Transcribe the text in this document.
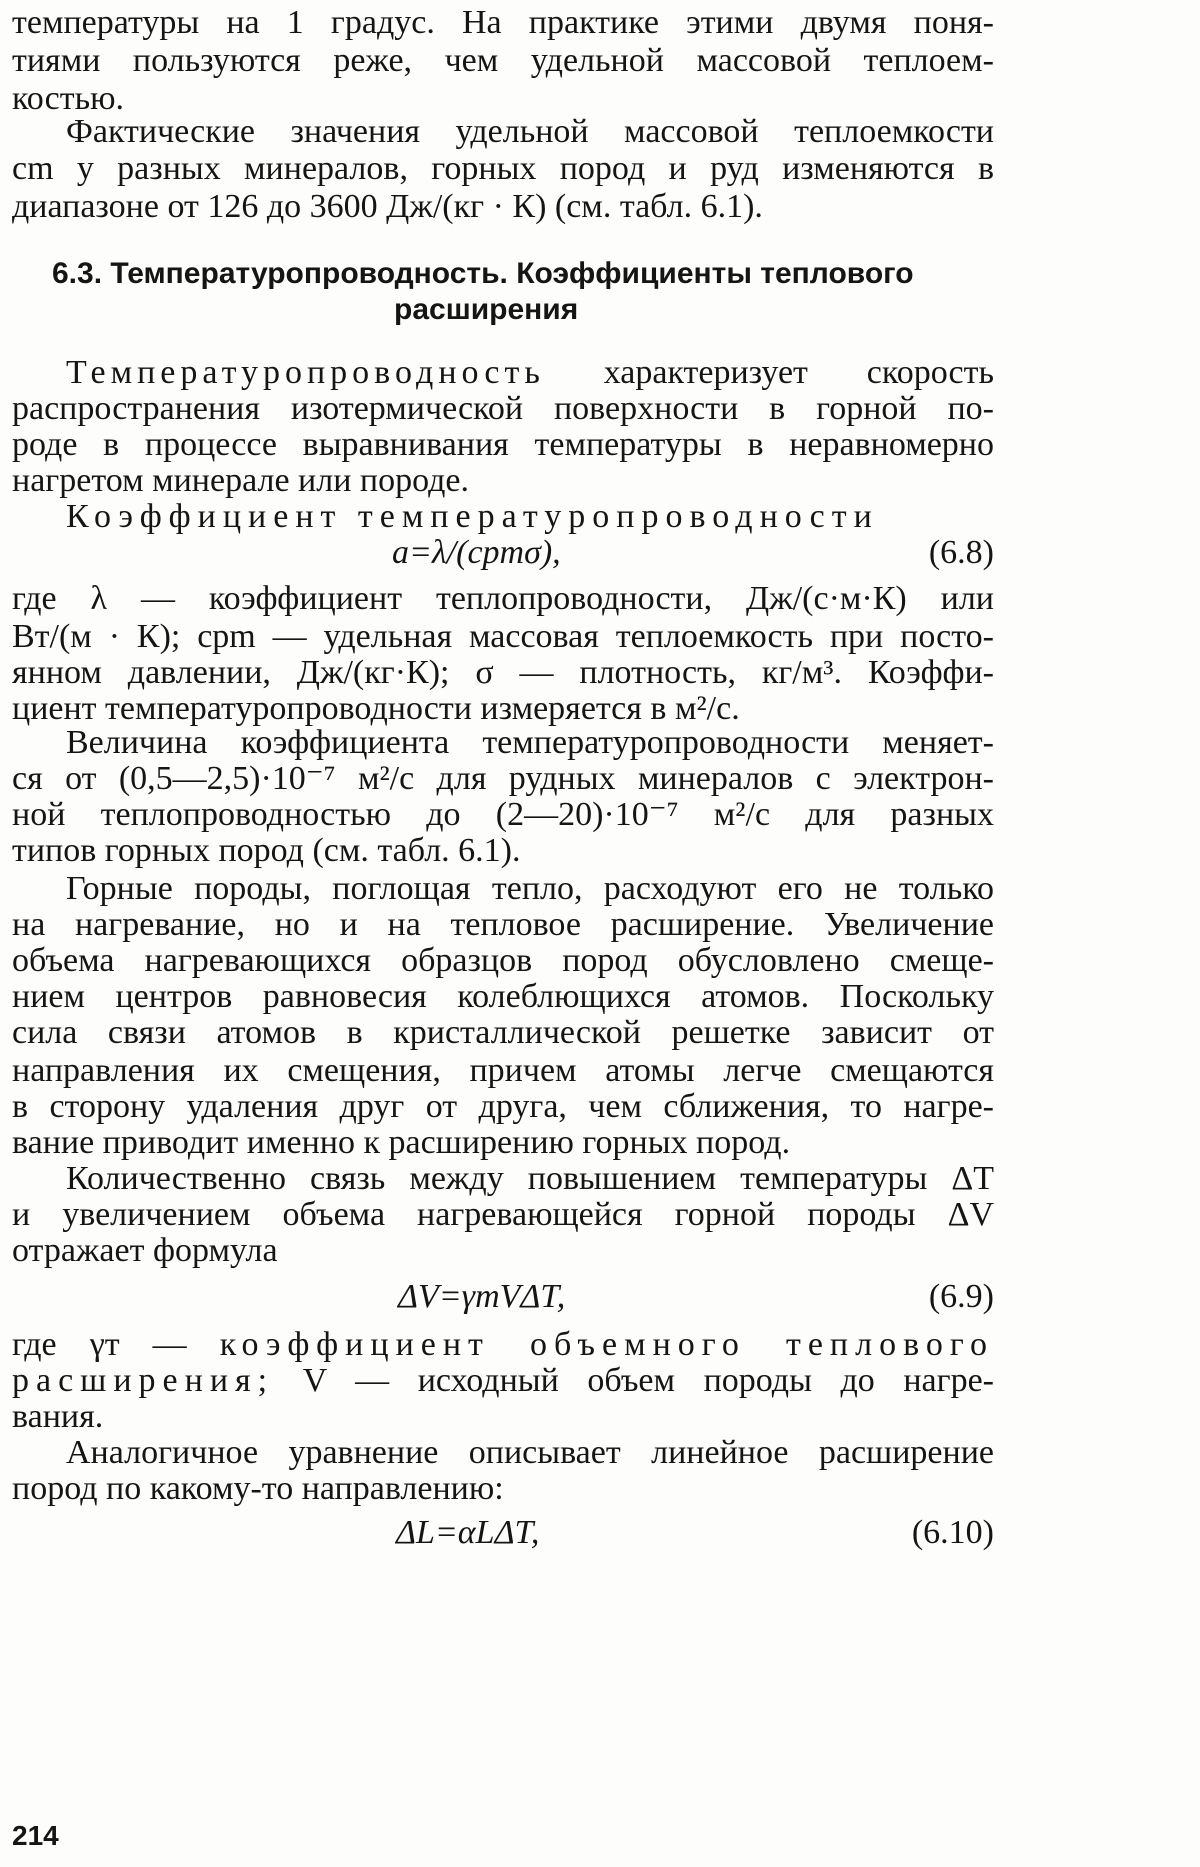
температуры на 1 градус. На практике этими двумя поня-
тиями пользуются реже, чем удельной массовой теплоем-
костью.
Фактические значения удельной массовой теплоемкости
cm у разных минералов, горных пород и руд изменяются в
диапазоне от 126 до 3600 Дж/(кг · К) (см. табл. 6.1).
6.3. Температуропроводность. Коэффициенты теплового
расширения
Температуропроводность характеризует скорость
распространения изотермической поверхности в горной по-
роде в процессе выравнивания температуры в неравномерно
нагретом минерале или породе.
Коэффициент температуропроводности
a=λ/(cpmσ),	(6.8)
где λ — коэффициент теплопроводности, Дж/(с·м·К) или
Вт/(м · К); cpm — удельная массовая теплоемкость при посто-
янном давлении, Дж/(кг·К); σ — плотность, кг/м³. Коэффи-
циент температуропроводности измеряется в м²/с.
Величина коэффициента температуропроводности меняет-
ся от (0,5—2,5)·10⁻⁷ м²/с для рудных минералов с электрон-
ной теплопроводностью до (2—20)·10⁻⁷ м²/с для разных
типов горных пород (см. табл. 6.1).
Горные породы, поглощая тепло, расходуют его не только
на нагревание, но и на тепловое расширение. Увеличение
объема нагревающихся образцов пород обусловлено смеще-
нием центров равновесия колеблющихся атомов. Поскольку
сила связи атомов в кристаллической решетке зависит от
направления их смещения, причем атомы легче смещаются
в сторону удаления друг от друга, чем сближения, то нагре-
вание приводит именно к расширению горных пород.
Количественно связь между повышением температуры ΔT
и увеличением объема нагревающейся горной породы ΔV
отражает формула
ΔV=γтVΔT,	(6.9)
где γт — коэффициент объемного теплового
расширения; V — исходный объем породы до нагре-
вания.
Аналогичное уравнение описывает линейное расширение
пород по какому-то направлению:
ΔL=αLΔT,	(6.10)
214
